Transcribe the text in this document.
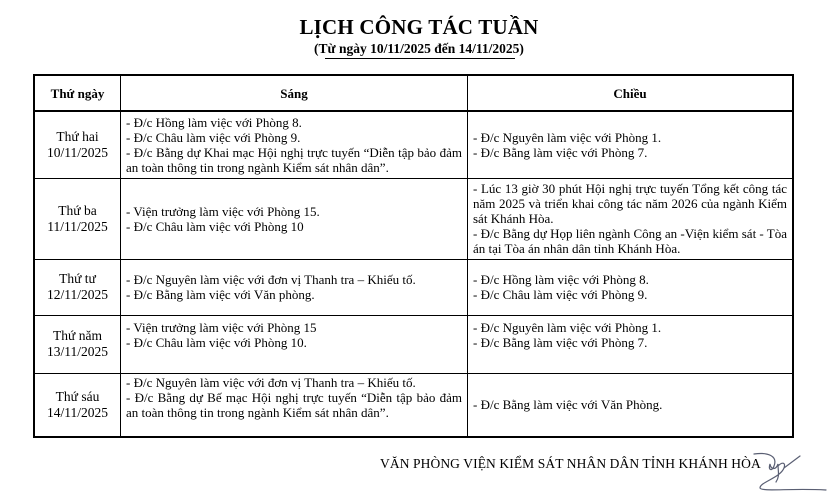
LỊCH CÔNG TÁC TUẦN
(Từ ngày 10/11/2025 đến 14/11/2025)
Thứ ngày	Sáng	Chiều

Thứ hai
10/11/2025	- Đ/c Hồng làm việc với Phòng 8.
- Đ/c Châu làm việc với Phòng 9.
- Đ/c Bằng dự Khai mạc Hội nghị trực tuyến “Diễn tập bảo đảm an toàn thông tin trong ngành Kiểm sát nhân dân”.	- Đ/c Nguyên làm việc với Phòng 1.
- Đ/c Bằng làm việc với Phòng 7.

Thứ ba
11/11/2025	- Viện trưởng làm việc với Phòng 15.
- Đ/c Châu làm việc với Phòng 10	- Lúc 13 giờ 30 phút Hội nghị trực tuyến Tổng kết công tác năm 2025 và triển khai công tác năm 2026 của ngành Kiểm sát Khánh Hòa.
- Đ/c Bằng dự Họp liên ngành Công an -Viện kiểm sát - Tòa án tại Tòa án nhân dân tỉnh Khánh Hòa.

Thứ tư
12/11/2025	- Đ/c Nguyên làm việc với đơn vị Thanh tra – Khiếu tố.
- Đ/c Bằng làm việc với Văn phòng.	- Đ/c Hồng làm việc với Phòng 8.
- Đ/c Châu làm việc với Phòng 9.

Thứ năm
13/11/2025	- Viện trưởng làm việc với Phòng 15
- Đ/c Châu làm việc với Phòng 10.	- Đ/c Nguyên làm việc với Phòng 1.
- Đ/c Bằng làm việc với Phòng 7.

Thứ sáu
14/11/2025	- Đ/c Nguyên làm việc với đơn vị Thanh tra – Khiếu tố.
- Đ/c Bằng dự Bế mạc Hội nghị trực tuyến “Diễn tập bảo đảm an toàn thông tin trong ngành Kiểm sát nhân dân”.	- Đ/c Bằng làm việc với Văn Phòng.
VĂN PHÒNG VIỆN KIỂM SÁT NHÂN DÂN TỈNH KHÁNH HÒA
